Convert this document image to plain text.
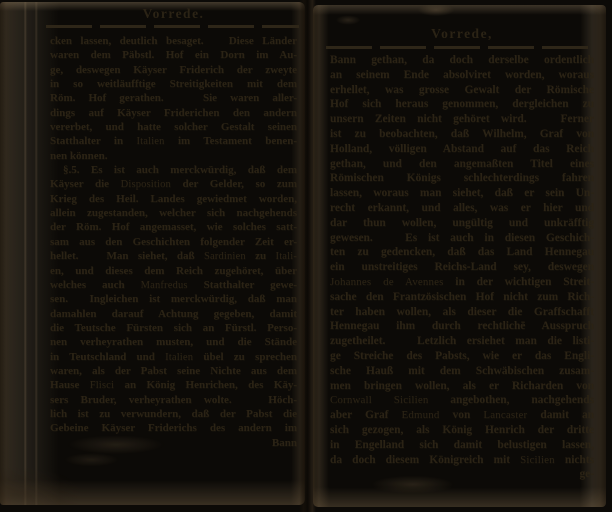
Vorrede.
cken lassen, deutlich besaget.   Diese Länder
waren dem Päbstl. Hof ein Dorn im Au-
ge, deswegen Käyser Friderich der zweyte
in so weitläufftige Streitigkeiten mit dem
Röm. Hof gerathen.   Sie waren aller-
dings auf Käyser Friderichen den andern
vererbet, und hatte solcher Gestalt seinen
Statthalter in Italien im Testament benen-
nen können.
§.5. Es ist auch merckwürdig, daß dem
Käyser die Disposition der Gelder, so zum
Krieg des Heil. Landes gewiedmet worden,
allein zugestanden, welcher sich nachgehends
der Röm. Hof angemasset, wie solches satt-
sam aus den Geschichten folgender Zeit er-
hellet.   Man siehet, daß Sardinien zu Itali-
en, und dieses dem Reich zugehöret, über
welches auch Manfredus Statthalter gewe-
sen.  Ingleichen ist merckwürdig, daß man
damahlen darauf Achtung gegeben, damit
die Teutsche Fürsten sich an Fürstl. Perso-
nen verheyrathen musten, und die Stände
in Teutschland und Italien übel zu sprechen
waren, als der Pabst seine Nichte aus dem
Hause Flisci an König Henrichen, des Käy-
sers Bruder, verheyrathen wolte.   Höch-
lich ist zu verwundern, daß der Pabst die
Gebeine Käyser Friderichs des andern im
Bann
Vorrede,
Bann gethan, da doch derselbe ordentlich
an seinem Ende absolviret worden, woraus
erhellet, was grosse Gewalt der Römische
Hof sich heraus genommen, dergleichen zu
unsern Zeiten nicht gehöret wird.   Ferner
ist zu beobachten, daß Wilhelm, Graf von
Holland, völligen Abstand auf das Reich
gethan, und den angemaßten Titel eines
Römischen Königs schlechterdings fahren
lassen, woraus man siehet, daß er sein Un-
recht erkannt, und alles, was er hier und
dar thun wollen, ungültig und unkräfftig
gewesen.   Es ist auch in diesen Geschich-
ten zu gedencken, daß das Land Hennegau
ein unstreitiges Reichs-Land sey, deswegen
Johannes de Avennes in der wichtigen Streit-
sache den Frantzösischen Hof nicht zum Rich-
ter haben wollen, als dieser die Graffschafft
Hennegau ihm durch rechtlichē Ausspruch
zugetheilet.   Letzlich ersiehet man die listi-
ge Streiche des Pabsts, wie er das Engli-
sche Hauß mit dem Schwäbischen zusam-
men bringen wollen, als er Richarden von
Cornwall Sicilien angebothen, nachgehends
aber Graf Edmund von Lancaster damit an
sich gezogen, als König Henrich der dritte
in Engelland sich damit belustigen lassen,
da doch diesem Königreich mit Sicilien nichts
ge-
